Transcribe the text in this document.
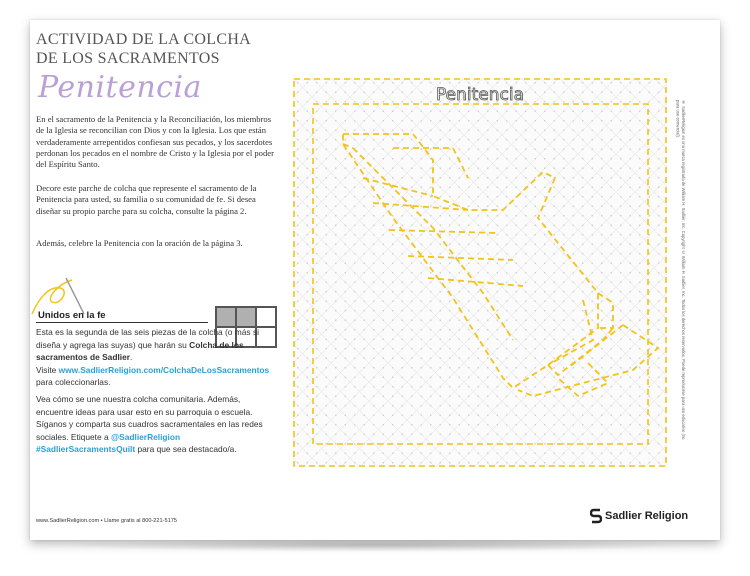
ACTIVIDAD DE LA COLCHA DE LOS SACRAMENTOS
Penitencia
En el sacramento de la Penitencia y la Reconciliación, los miembros de la Iglesia se reconcilian con Dios y con la Iglesia. Los que están verdaderamente arrepentidos confiesan sus pecados, y los sacerdotes perdonan los pecados en el nombre de Cristo y la Iglesia por el poder del Espíritu Santo.
Decore este parche de colcha que represente el sacramento de la Penitencia para usted, su familia o su comunidad de fe. Si desea diseñar su propio parche para su colcha, consulte la página 2.
Además, celebre la Penitencia con la oración de la página 3.
Unidos en la fe
Esta es la segunda de las seis piezas de la colcha (o más si diseña y agrega las suyas) que harán su Colcha de los sacramentos de Sadlier.
Visite www.SadlierReligion.com/ColchaDeLosSacramentos
para coleccionarlas.
Vea cómo se une nuestra colcha comunitaria. Además, encuentre ideas para usar esto en su parroquia o escuela. Síganos y comparta sus cuadros sacramentales en las redes sociales. Etiquete a @SadlierReligion
#SadlierSacramentsQuilt para que sea destacado/a.
Penitencia
® SadlierReligion es una marca registrada de William H. Sadlier, Inc. Copyright © William H. Sadlier, Inc. Todos los derechos reservados. Puede reproducirse para uso educativo (no para uso comercial).
www.SadlierReligion.com • Llame gratis al 800-221-5175	Sadlier Religion
